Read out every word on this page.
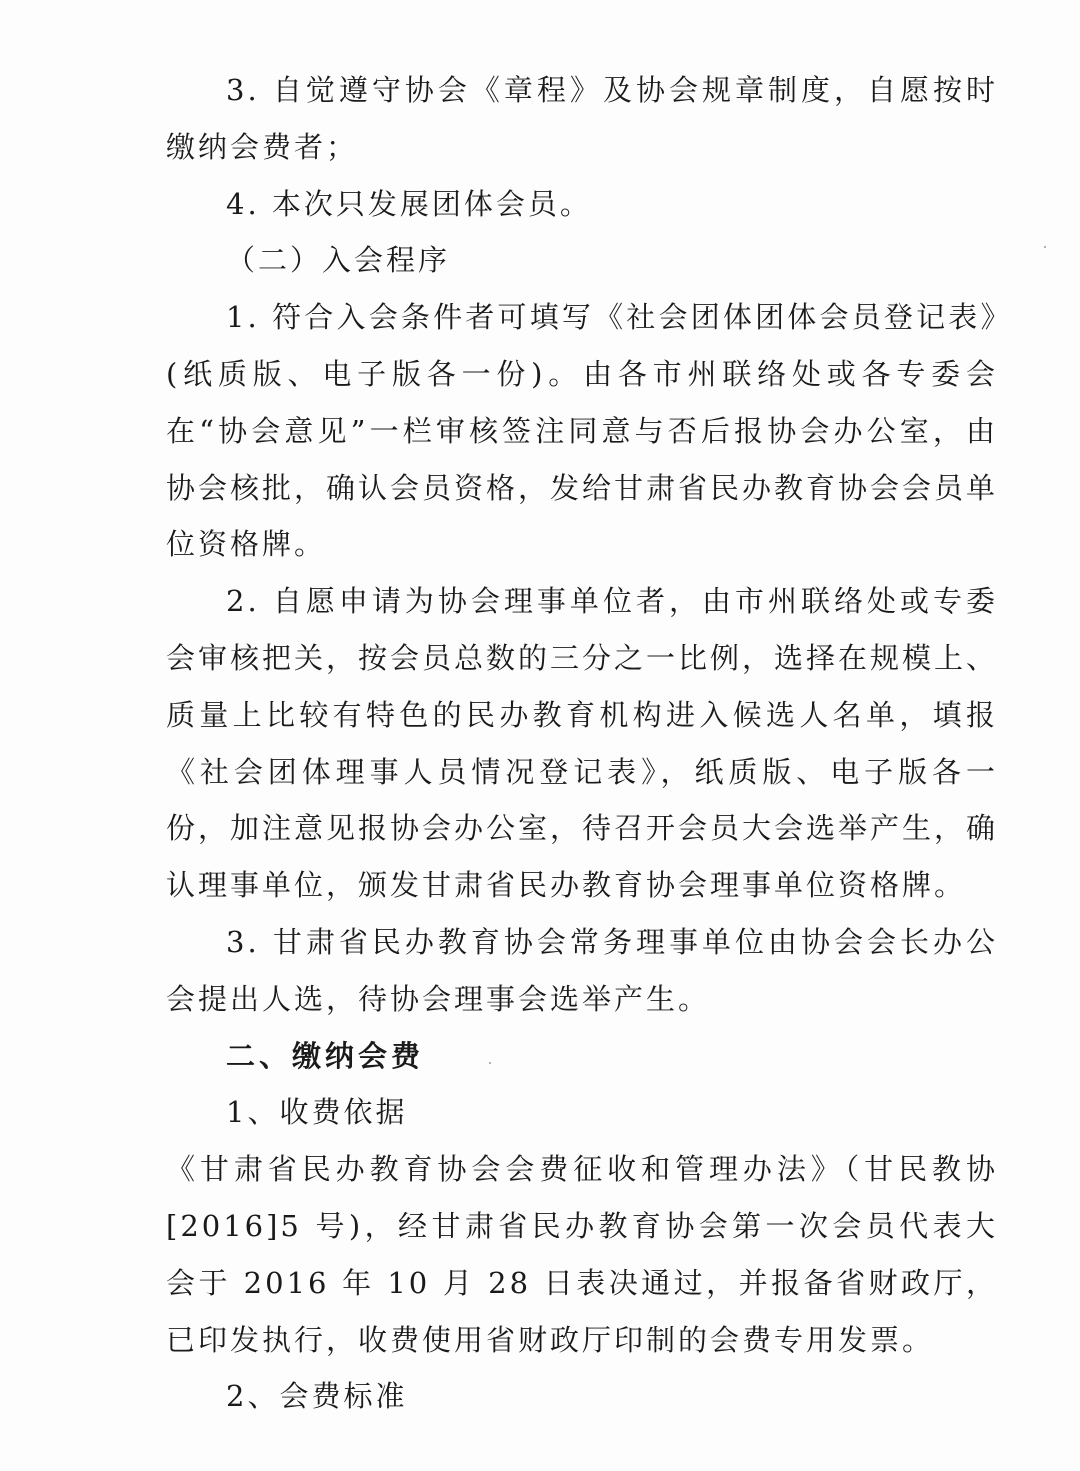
3. 自觉遵守协会《章程》及协会规章制度，自愿按时缴纳会费者；

4. 本次只发展团体会员。

（二）入会程序

1. 符合入会条件者可填写《社会团体团体会员登记表》(纸质版、电子版各一份)。由各市州联络处或各专委会在“协会意见”一栏审核签注同意与否后报协会办公室，由协会核批，确认会员资格，发给甘肃省民办教育协会会员单位资格牌。

2. 自愿申请为协会理事单位者，由市州联络处或专委会审核把关，按会员总数的三分之一比例，选择在规模上、质量上比较有特色的民办教育机构进入候选人名单，填报《社会团体理事人员情况登记表》，纸质版、电子版各一份，加注意见报协会办公室，待召开会员大会选举产生，确认理事单位，颁发甘肃省民办教育协会理事单位资格牌。

3. 甘肃省民办教育协会常务理事单位由协会会长办公会提出人选，待协会理事会选举产生。

二、缴纳会费

1、收费依据

《甘肃省民办教育协会会费征收和管理办法》（甘民教协[2016]5 号)，经甘肃省民办教育协会第一次会员代表大会于 2016 年 10 月 28 日表决通过，并报备省财政厅，已印发执行，收费使用省财政厅印制的会费专用发票。

2、会费标准
